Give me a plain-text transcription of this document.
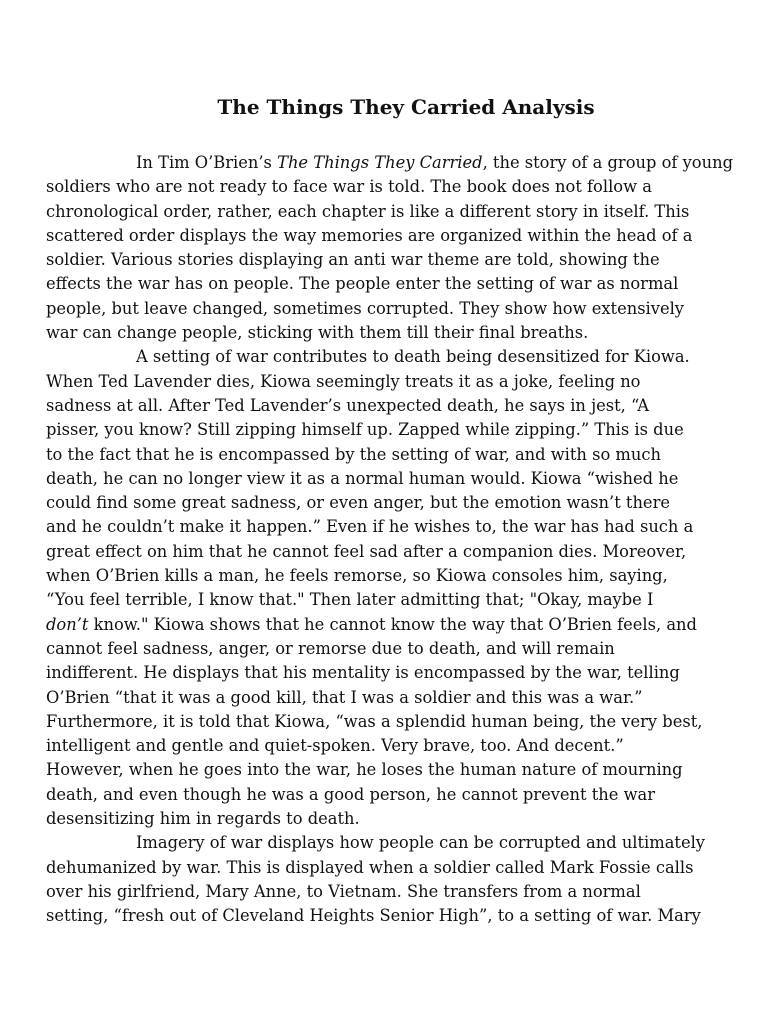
The Things They Carried Analysis

In Tim O’Brien’s The Things They Carried, the story of a group of young
soldiers who are not ready to face war is told. The book does not follow a
chronological order, rather, each chapter is like a different story in itself. This
scattered order displays the way memories are organized within the head of a
soldier. Various stories displaying an anti war theme are told, showing the
effects the war has on people. The people enter the setting of war as normal
people, but leave changed, sometimes corrupted. They show how extensively
war can change people, sticking with them till their final breaths.

A setting of war contributes to death being desensitized for Kiowa.
When Ted Lavender dies, Kiowa seemingly treats it as a joke, feeling no
sadness at all. After Ted Lavender’s unexpected death, he says in jest, “A
pisser, you know? Still zipping himself up. Zapped while zipping.” This is due
to the fact that he is encompassed by the setting of war, and with so much
death, he can no longer view it as a normal human would. Kiowa “wished he
could find some great sadness, or even anger, but the emotion wasn’t there
and he couldn’t make it happen.” Even if he wishes to, the war has had such a
great effect on him that he cannot feel sad after a companion dies. Moreover,
when O’Brien kills a man, he feels remorse, so Kiowa consoles him, saying,
“You feel terrible, I know that." Then later admitting that; "Okay, maybe I
don’t know." Kiowa shows that he cannot know the way that O’Brien feels, and
cannot feel sadness, anger, or remorse due to death, and will remain
indifferent. He displays that his mentality is encompassed by the war, telling
O’Brien “that it was a good kill, that I was a soldier and this was a war.”
Furthermore, it is told that Kiowa, “was a splendid human being, the very best,
intelligent and gentle and quiet-spoken. Very brave, too. And decent.”
However, when he goes into the war, he loses the human nature of mourning
death, and even though he was a good person, he cannot prevent the war
desensitizing him in regards to death.

Imagery of war displays how people can be corrupted and ultimately
dehumanized by war. This is displayed when a soldier called Mark Fossie calls
over his girlfriend, Mary Anne, to Vietnam. She transfers from a normal
setting, “fresh out of Cleveland Heights Senior High”, to a setting of war. Mary
